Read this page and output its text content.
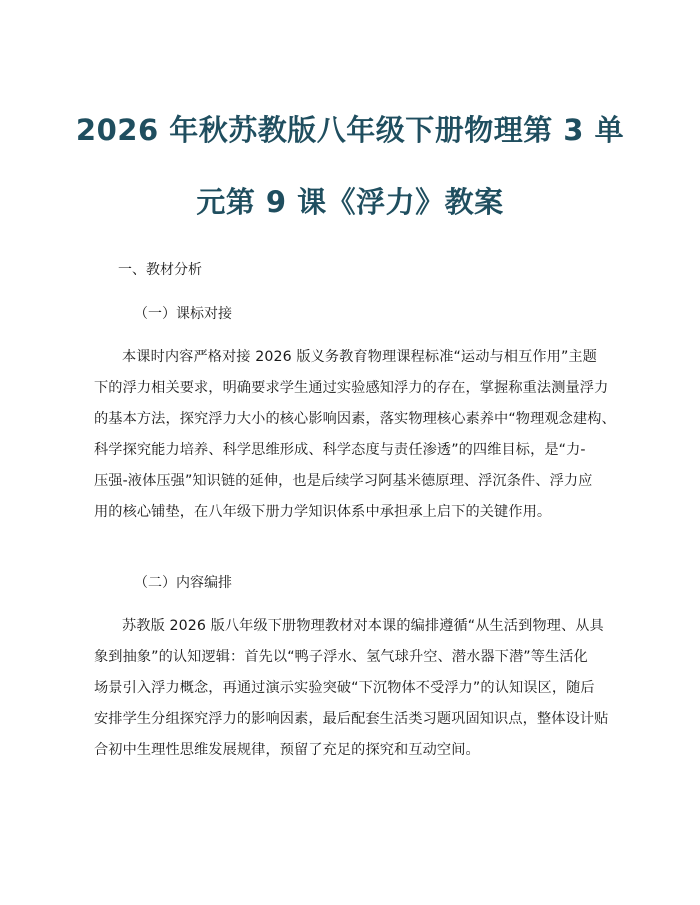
2026 年秋苏教版八年级下册物理第 3 单
元第 9 课《浮力》教案
一、教材分析
（一）课标对接
本课时内容严格对接 2026 版义务教育物理课程标准“运动与相互作用”主题
下的浮力相关要求，明确要求学生通过实验感知浮力的存在，掌握称重法测量浮力
的基本方法，探究浮力大小的核心影响因素，落实物理核心素养中“物理观念建构、
科学探究能力培养、科学思维形成、科学态度与责任渗透”的四维目标，是“力-
压强-液体压强”知识链的延伸，也是后续学习阿基米德原理、浮沉条件、浮力应
用的核心铺垫，在八年级下册力学知识体系中承担承上启下的关键作用。
（二）内容编排
苏教版 2026 版八年级下册物理教材对本课的编排遵循“从生活到物理、从具
象到抽象”的认知逻辑：首先以“鸭子浮水、氢气球升空、潜水器下潜”等生活化
场景引入浮力概念，再通过演示实验突破“下沉物体不受浮力”的认知误区，随后
安排学生分组探究浮力的影响因素，最后配套生活类习题巩固知识点，整体设计贴
合初中生理性思维发展规律，预留了充足的探究和互动空间。
